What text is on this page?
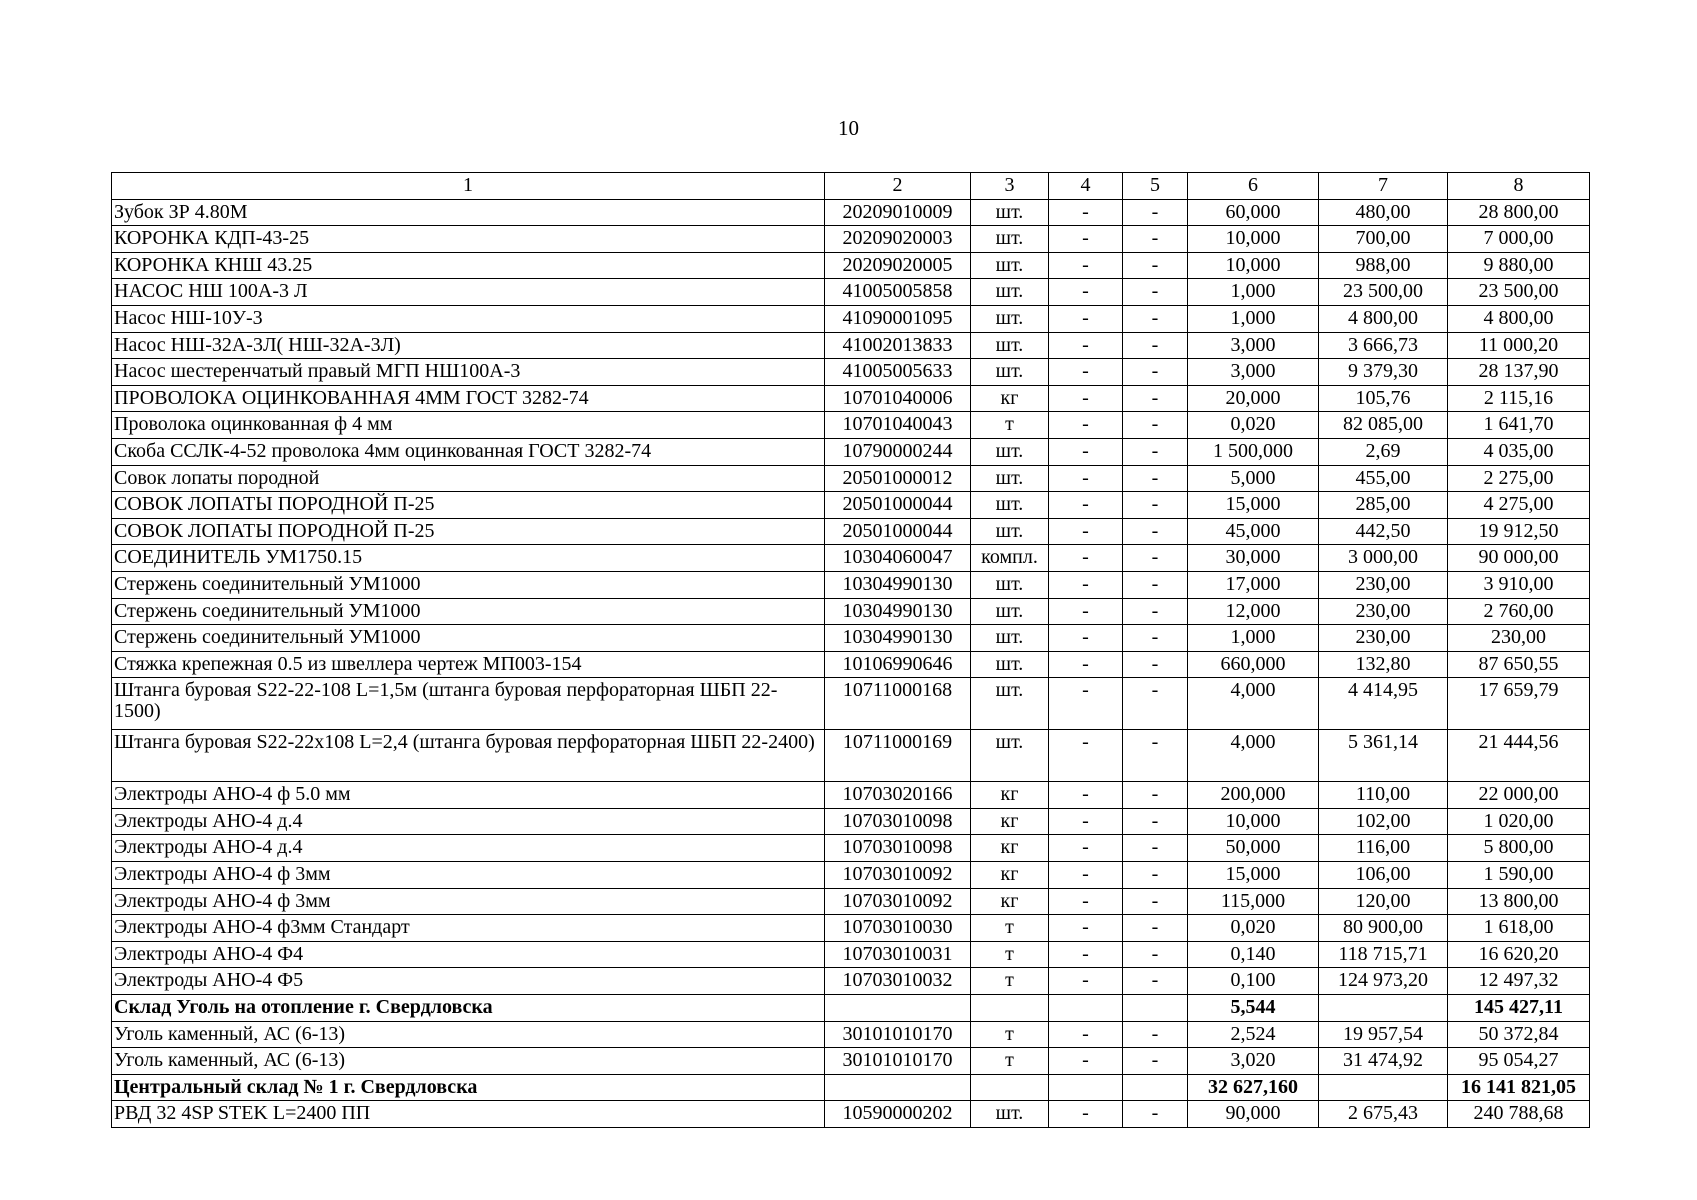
10
1	2	3	4	5	6	7	8
Зубок ЗР 4.80М	20209010009	шт.	-	-	60,000	480,00	28 800,00
КОРОНКА КДП-43-25	20209020003	шт.	-	-	10,000	700,00	7 000,00
КОРОНКА КНШ 43.25	20209020005	шт.	-	-	10,000	988,00	9 880,00
НАСОС НШ 100А-3 Л	41005005858	шт.	-	-	1,000	23 500,00	23 500,00
Насос НШ-10У-3	41090001095	шт.	-	-	1,000	4 800,00	4 800,00
Насос НШ-32А-3Л( НШ-32А-3Л)	41002013833	шт.	-	-	3,000	3 666,73	11 000,20
Насос шестеренчатый правый МГП НШ100А-3	41005005633	шт.	-	-	3,000	9 379,30	28 137,90
ПРОВОЛОКА ОЦИНКОВАННАЯ 4ММ ГОСТ 3282-74	10701040006	кг	-	-	20,000	105,76	2 115,16
Проволока оцинкованная ф 4 мм	10701040043	т	-	-	0,020	82 085,00	1 641,70
Скоба ССЛК-4-52 проволока 4мм оцинкованная ГОСТ 3282-74	10790000244	шт.	-	-	1 500,000	2,69	4 035,00
Совок лопаты породной	20501000012	шт.	-	-	5,000	455,00	2 275,00
СОВОК ЛОПАТЫ ПОРОДНОЙ П-25	20501000044	шт.	-	-	15,000	285,00	4 275,00
СОВОК ЛОПАТЫ ПОРОДНОЙ П-25	20501000044	шт.	-	-	45,000	442,50	19 912,50
СОЕДИНИТЕЛЬ УМ1750.15	10304060047	компл.	-	-	30,000	3 000,00	90 000,00
Стержень соединительный УМ1000	10304990130	шт.	-	-	17,000	230,00	3 910,00
Стержень соединительный УМ1000	10304990130	шт.	-	-	12,000	230,00	2 760,00
Стержень соединительный УМ1000	10304990130	шт.	-	-	1,000	230,00	230,00
Стяжка крепежная 0.5 из швеллера чертеж МП003-154	10106990646	шт.	-	-	660,000	132,80	87 650,55
Штанга буровая S22-22-108 L=1,5м (штанга буровая перфораторная ШБП 22-1500)	10711000168	шт.	-	-	4,000	4 414,95	17 659,79
Штанга буровая S22-22x108 L=2,4 (штанга буровая перфораторная ШБП 22-2400)	10711000169	шт.	-	-	4,000	5 361,14	21 444,56
Электроды АНО-4 ф 5.0 мм	10703020166	кг	-	-	200,000	110,00	22 000,00
Электроды АНО-4 д.4	10703010098	кг	-	-	10,000	102,00	1 020,00
Электроды АНО-4 д.4	10703010098	кг	-	-	50,000	116,00	5 800,00
Электроды АНО-4 ф 3мм	10703010092	кг	-	-	15,000	106,00	1 590,00
Электроды АНО-4 ф 3мм	10703010092	кг	-	-	115,000	120,00	13 800,00
Электроды АНО-4 ф3мм Стандарт	10703010030	т	-	-	0,020	80 900,00	1 618,00
Электроды АНО-4 Ф4	10703010031	т	-	-	0,140	118 715,71	16 620,20
Электроды АНО-4 Ф5	10703010032	т	-	-	0,100	124 973,20	12 497,32
Склад Уголь на отопление г. Свердловска					5,544		145 427,11
Уголь каменный, АС (6-13)	30101010170	т	-	-	2,524	19 957,54	50 372,84
Уголь каменный, АС (6-13)	30101010170	т	-	-	3,020	31 474,92	95 054,27
Центральный склад № 1 г. Свердловска					32 627,160		16 141 821,05
РВД 32 4SP STEK L=2400 ПП	10590000202	шт.	-	-	90,000	2 675,43	240 788,68
